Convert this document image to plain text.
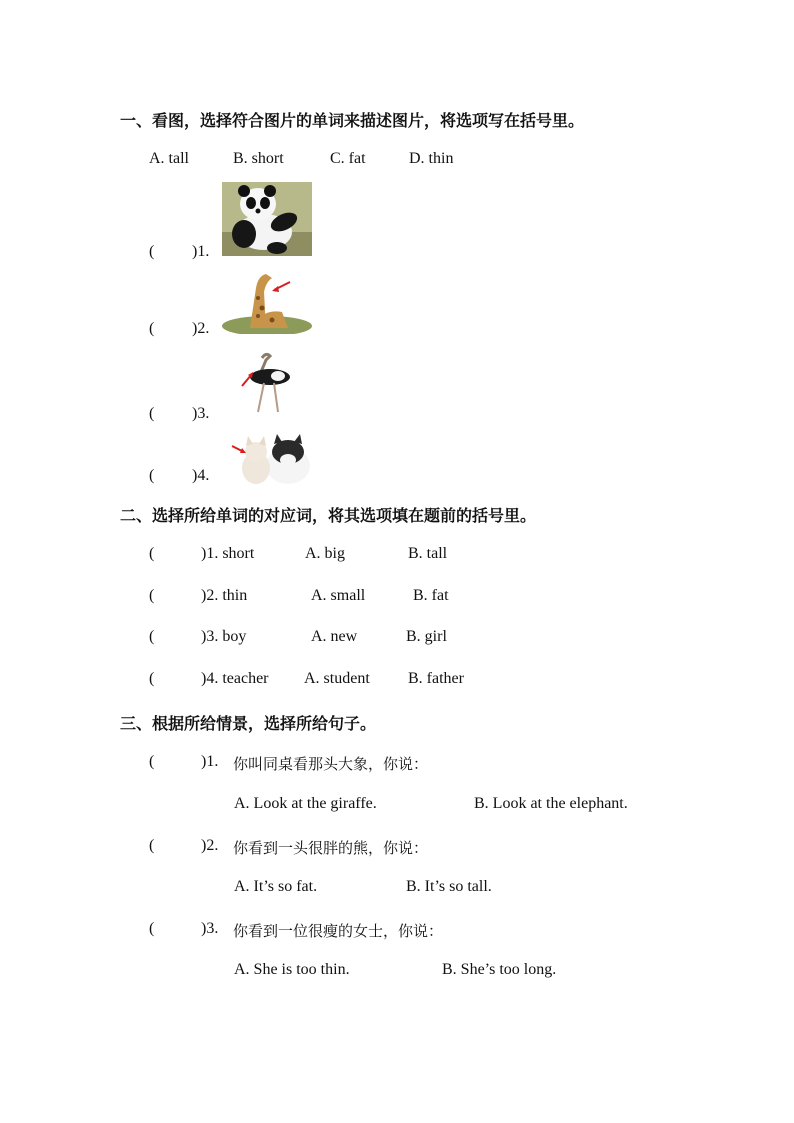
一、看图，选择符合图片的单词来描述图片，将选项写在括号里。
A. tall	B. short	C. fat	D. thin
( )1.
( )2.
( )3.
( )4.
二、选择所给单词的对应词，将其选项填在题前的括号里。
(	)1. short	A. big	B. tall
(	)2. thin	A. small	B. fat
(	)3. boy	A. new	B. girl
(	)4. teacher A. student B. father
三、根据所给情景，选择所给句子。
(	)1. 你叫同桌看那头大象，你说：
A. Look at the giraffe.	B. Look at the elephant.
(	)2. 你看到一头很胖的熊，你说：
A. It’s so fat.	B. It’s so tall.
(	)3. 你看到一位很瘦的女士，你说：
A. She is too thin.	B. She’s too long.
